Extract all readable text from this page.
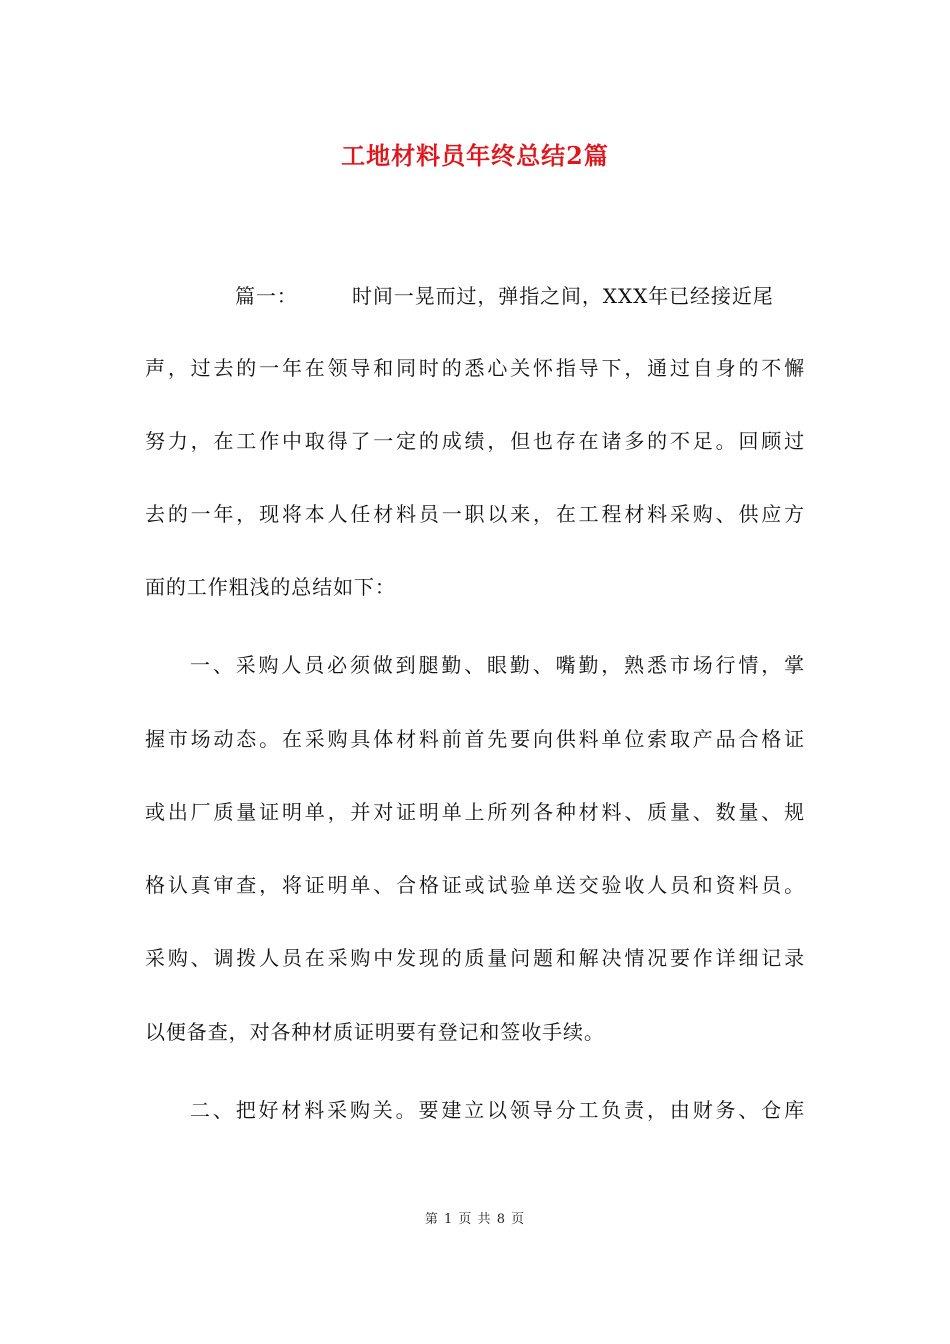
工地材料员年终总结2篇
篇一：	时间一晃而过，弹指之间，XXX年已经接近尾
声，过去的一年在领导和同时的悉心关怀指导下，通过自身的不懈
努力，在工作中取得了一定的成绩，但也存在诸多的不足。回顾过
去的一年，现将本人任材料员一职以来，在工程材料采购、供应方
面的工作粗浅的总结如下：
一、采购人员必须做到腿勤、眼勤、嘴勤，熟悉市场行情，掌
握市场动态。在采购具体材料前首先要向供料单位索取产品合格证
或出厂质量证明单，并对证明单上所列各种材料、质量、数量、规
格认真审查，将证明单、合格证或试验单送交验收人员和资料员。
采购、调拨人员在采购中发现的质量问题和解决情况要作详细记录
以便备查，对各种材质证明要有登记和签收手续。
二、把好材料采购关。要建立以领导分工负责，由财务、仓库
第 1 页 共 8 页
